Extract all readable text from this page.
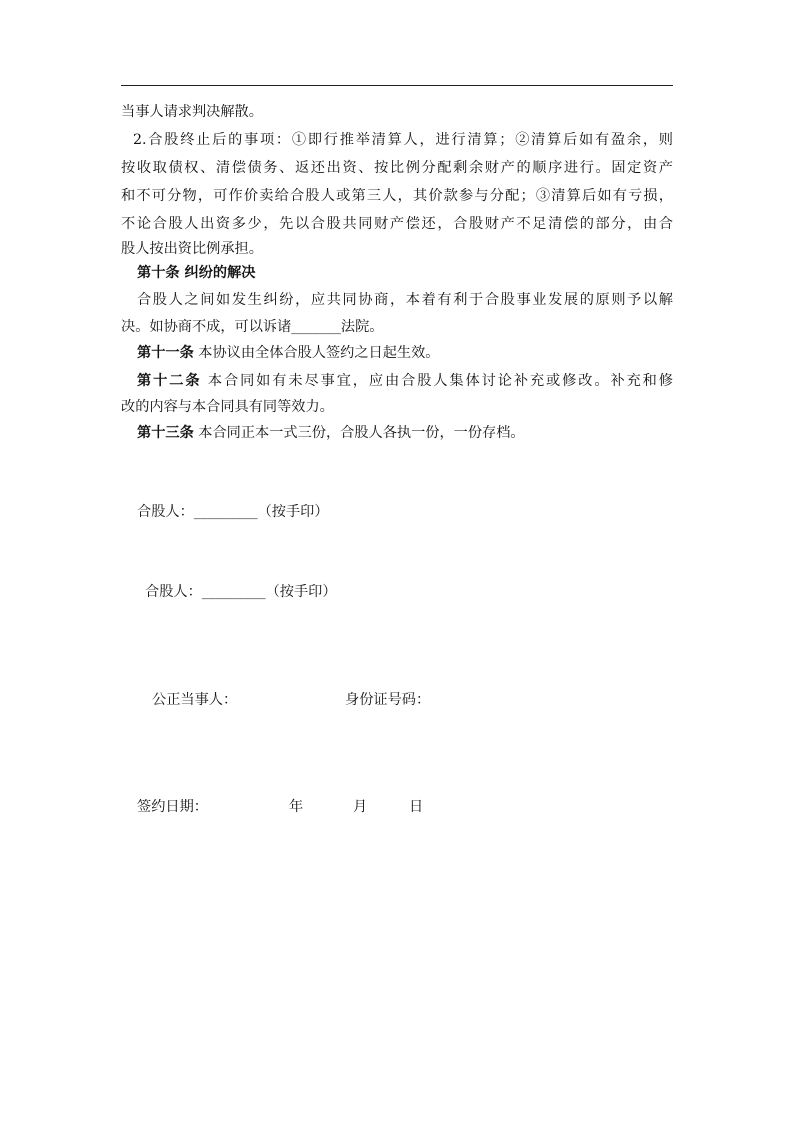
当事人请求判决解散。
2.合股终止后的事项：①即行推举清算人，进行清算；②清算后如有盈余，则
按收取债权、清偿债务、返还出资、按比例分配剩余财产的顺序进行。固定资产
和不可分物，可作价卖给合股人或第三人，其价款参与分配；③清算后如有亏损，
不论合股人出资多少，先以合股共同财产偿还，合股财产不足清偿的部分，由合
股人按出资比例承担。
第十条 纠纷的解决
合股人之间如发生纠纷，应共同协商，本着有利于合股事业发展的原则予以解
决。如协商不成，可以诉诸_______法院。
第十一条 本协议由全体合股人签约之日起生效。
第十二条 本合同如有未尽事宜，应由合股人集体讨论补充或修改。补充和修
改的内容与本合同具有同等效力。
第十三条 本合同正本一式三份，合股人各执一份，一份存档。
合股人：_________（按手印）
合股人：_________（按手印）
公正当事人：	身份证号码：
签约日期：	年	月	日
